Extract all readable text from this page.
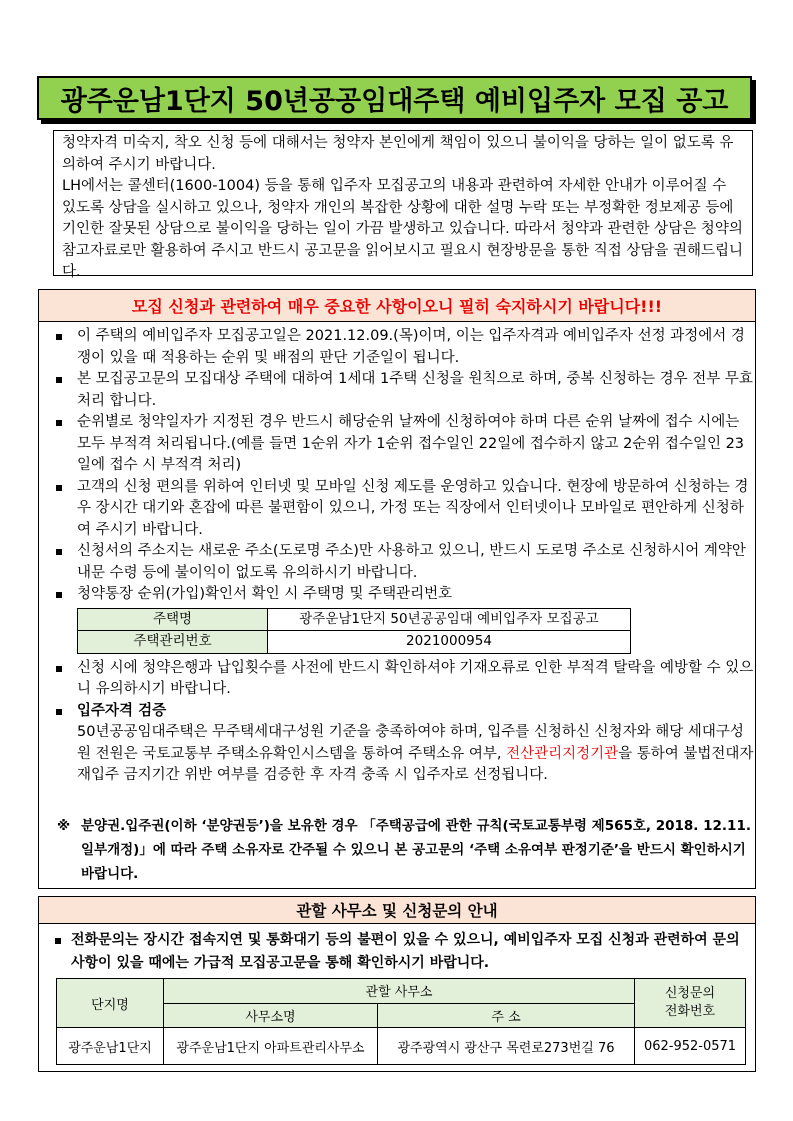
광주운남1단지 50년공공임대주택 예비입주자 모집 공고

청약자격 미숙지, 착오 신청 등에 대해서는 청약자 본인에게 책임이 있으니 불이익을 당하는 일이 없도록 유의하여 주시기 바랍니다.

LH에서는 콜센터(1600-1004) 등을 통해 입주자 모집공고의 내용과 관련하여 자세한 안내가 이루어질 수 있도록 상담을 실시하고 있으나, 청약자 개인의 복잡한 상황에 대한 설명 누락 또는 부정확한 정보제공 등에 기인한 잘못된 상담으로 불이익을 당하는 일이 가끔 발생하고 있습니다. 따라서 청약과 관련한 상담은 청약의 참고자료로만 활용하여 주시고 반드시 공고문을 읽어보시고 필요시 현장방문을 통한 직접 상담을 권해드립니다.

모집 신청과 관련하여 매우 중요한 사항이오니 필히 숙지하시기 바랍니다!!!
이 주택의 예비입주자 모집공고일은 2021.12.09.(목)이며, 이는 입주자격과 예비입주자 선정 과정에서 경쟁이 있을 때 적용하는 순위 및 배점의 판단 기준일이 됩니다.
본 모집공고문의 모집대상 주택에 대하여 1세대 1주택 신청을 원칙으로 하며, 중복 신청하는 경우 전부 무효처리 합니다.
순위별로 청약일자가 지정된 경우 반드시 해당순위 날짜에 신청하여야 하며 다른 순위 날짜에 접수 시에는 모두 부적격 처리됩니다.(예를 들면 1순위 자가 1순위 접수일인 22일에 접수하지 않고 2순위 접수일인 23일에 접수 시 부적격 처리)
고객의 신청 편의를 위하여 인터넷 및 모바일 신청 제도를 운영하고 있습니다. 현장에 방문하여 신청하는 경우 장시간 대기와 혼잡에 따른 불편함이 있으니, 가정 또는 직장에서 인터넷이나 모바일로 편안하게 신청하여 주시기 바랍니다.
신청서의 주소지는 새로운 주소(도로명 주소)만 사용하고 있으니, 반드시 도로명 주소로 신청하시어 계약안내문 수령 등에 불이익이 없도록 유의하시기 바랍니다.
청약통장 순위(가입)확인서 확인 시 주택명 및 주택관리번호
주택명	광주운남1단지 50년공공임대 예비입주자 모집공고
주택관리번호	2021000954
신청 시에 청약은행과 납입횟수를 사전에 반드시 확인하셔야 기재오류로 인한 부적격 탈락을 예방할 수 있으니 유의하시기 바랍니다.
입주자격 검증
50년공공임대주택은 무주택세대구성원 기준을 충족하여야 하며, 입주를 신청하신 신청자와 해당 세대구성원 전원은 국토교통부 주택소유확인시스템을 통하여 주택소유 여부, 전산관리지정기관을 통하여 불법전대자 재입주 금지기간 위반 여부를 검증한 후 자격 충족 시 입주자로 선정됩니다.
※ 분양권.입주권(이하 ‘분양권등’)을 보유한 경우 「주택공급에 관한 규칙(국토교통부령 제565호, 2018. 12.11. 일부개정)」에 따라 주택 소유자로 간주될 수 있으니 본 공고문의 ‘주택 소유여부 판정기준’을 반드시 확인하시기 바랍니다.
관할 사무소 및 신청문의 안내
전화문의는 장시간 접속지연 및 통화대기 등의 불편이 있을 수 있으니, 예비입주자 모집 신청과 관련하여 문의사항이 있을 때에는 가급적 모집공고문을 통해 확인하시기 바랍니다.
단지명	관할 사무소		신청문의
전화번호
	사무소명	주 소	
광주운남1단지	광주운남1단지 아파트관리사무소	광주광역시 광산구 목련로273번길 76	062-952-0571
